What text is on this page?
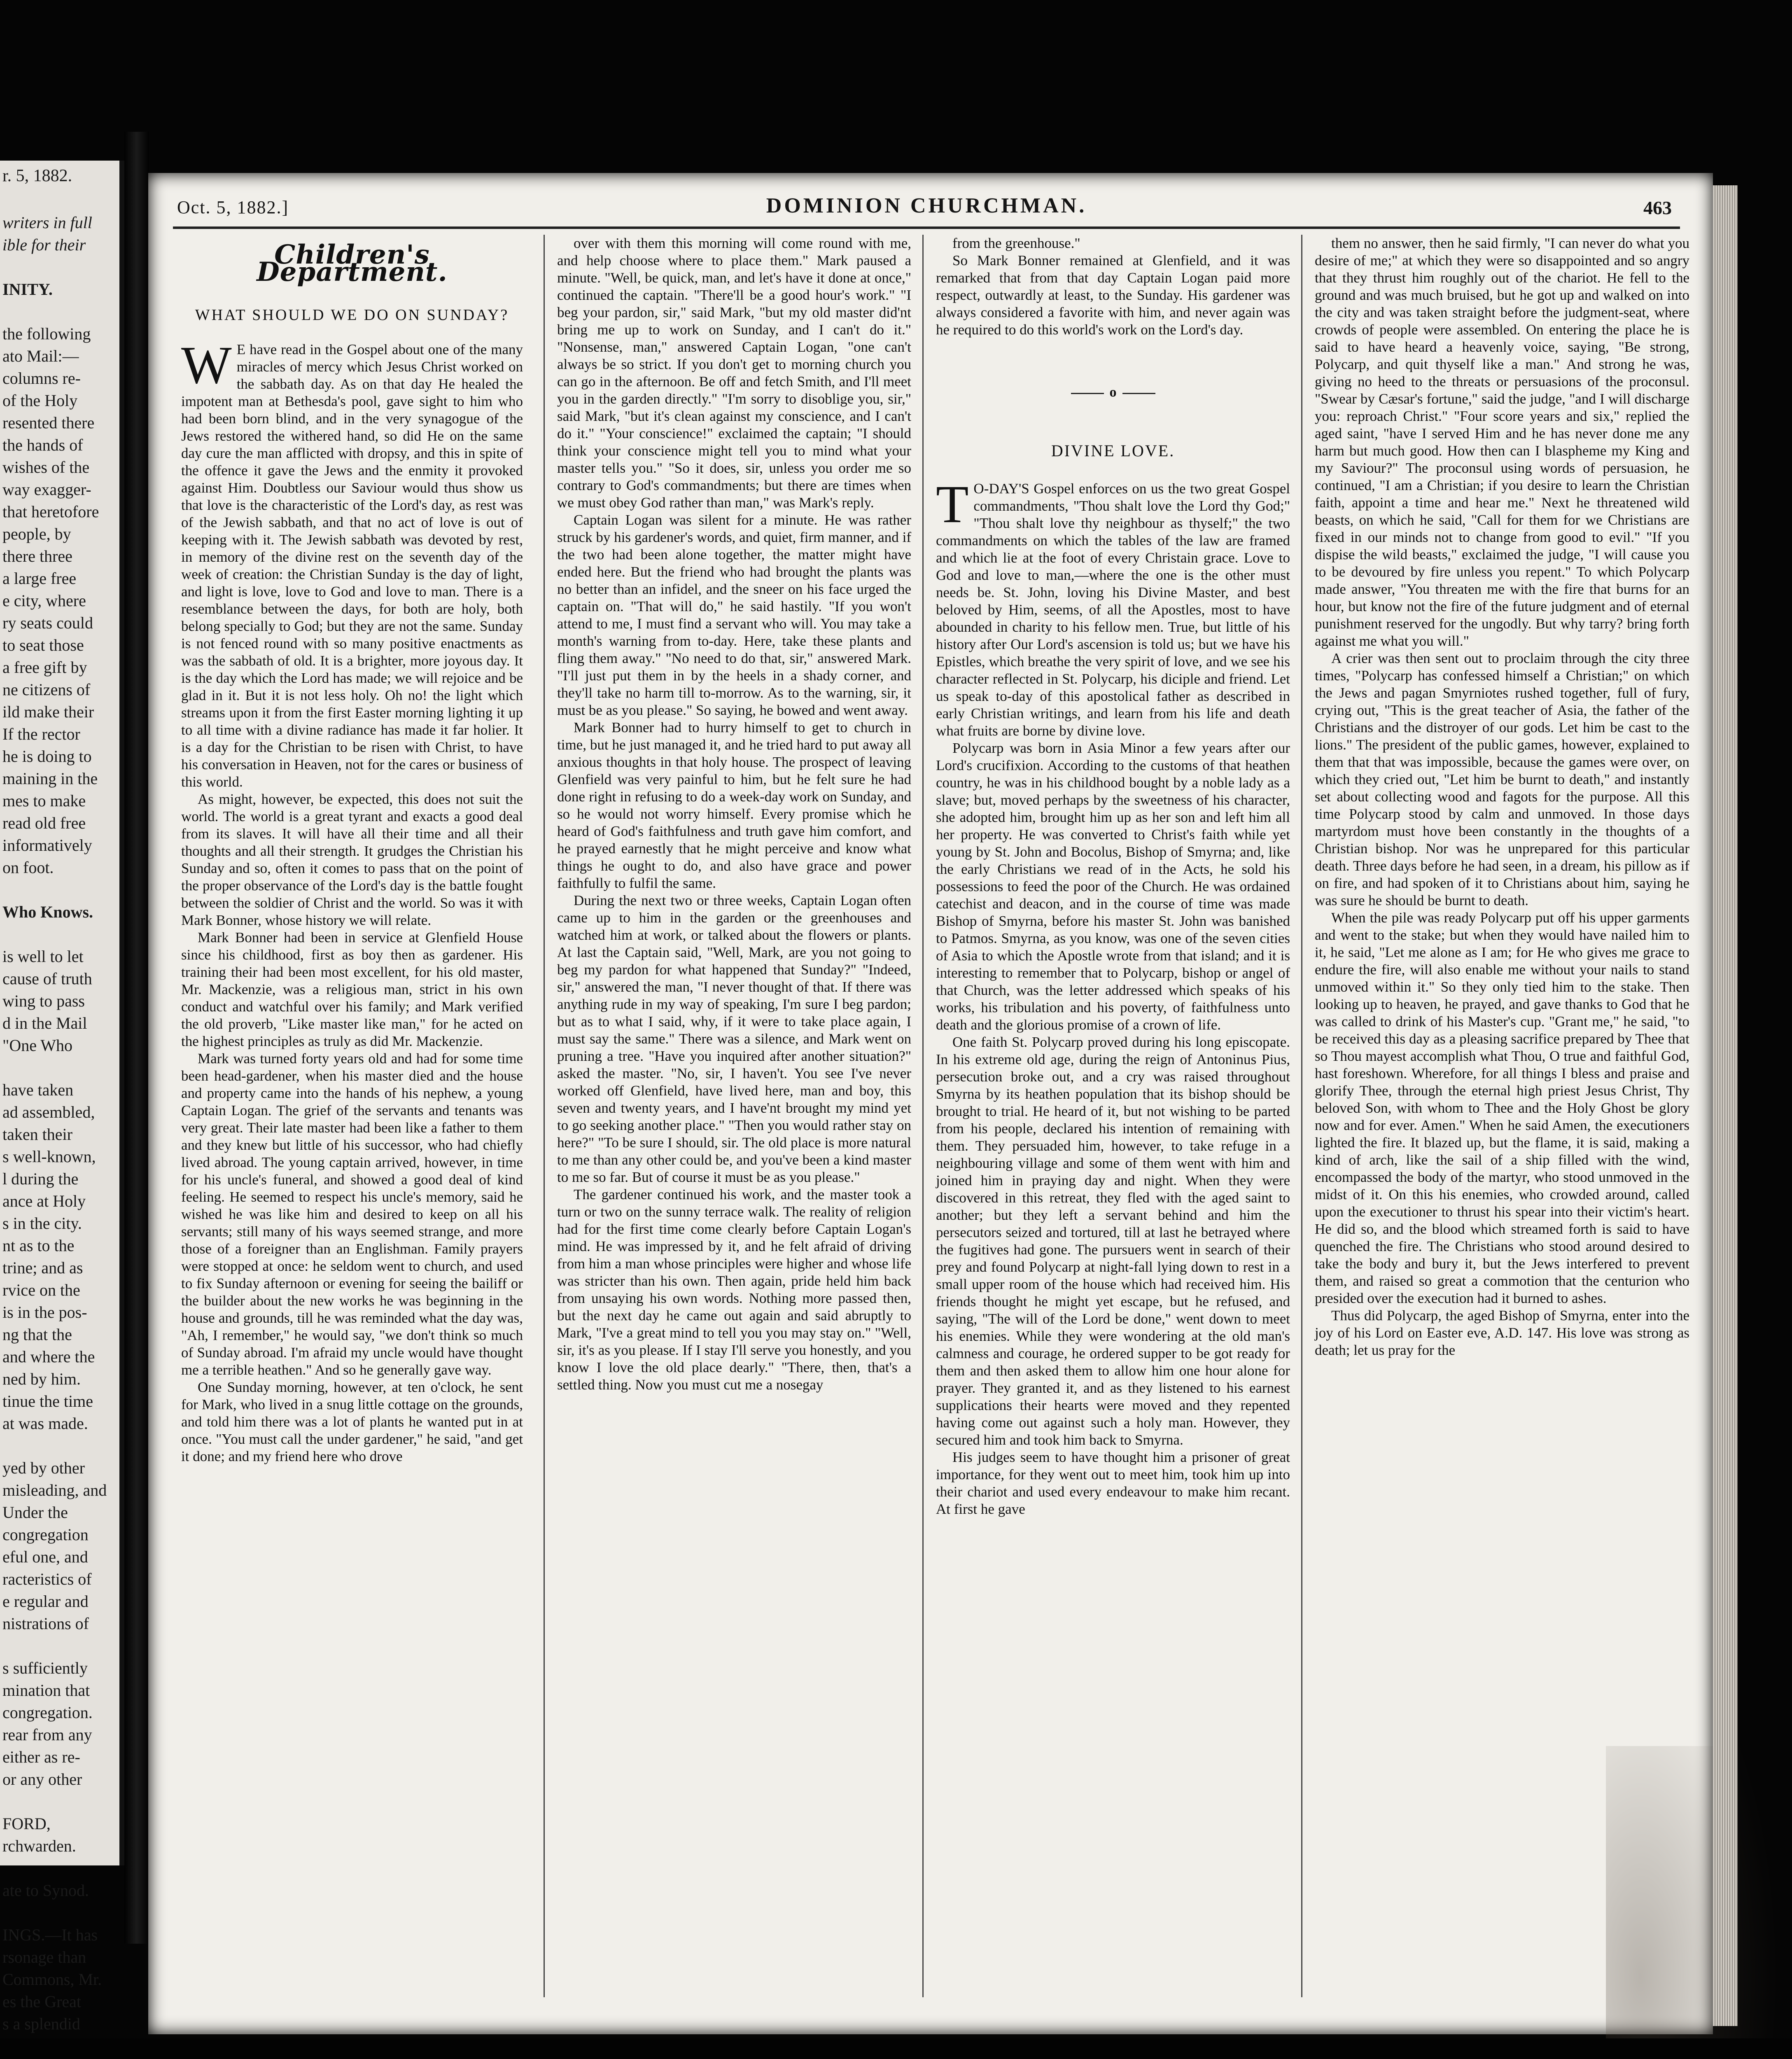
r. 5, 1882.
writers in full
ible for their
INITY.
the following
ato Mail:—
columns re-
of the Holy
resented there
the hands of
wishes of the
way exagger-
that heretofore
people, by
there three
a large free
e city, where
ry seats could
to seat those
a free gift by
ne citizens of
ild make their
If the rector
he is doing to
maining in the
mes to make
read old free
informatively
on foot.
Who Knows.
is well to let
cause of truth
wing to pass
d in the Mail
"One Who
have taken
ad assembled,
taken their
s well-known,
l during the
ance at Holy
s in the city.
nt as to the
trine; and as
rvice on the
is in the pos-
ng that the
and where the
ned by him.
tinue the time
at was made.
yed by other
misleading, and
Under the
congregation
eful one, and
racteristics of
e regular and
nistrations of
s sufficiently
mination that
congregation.
rear from any
either as re-
or any other
FORD,
rchwarden.
ate to Synod.
INGS.—It has
rsonage than
Commons, Mr.
es the Great
s a splendid
Oct. 5, 1882.]	DOMINION CHURCHMAN.	463
Children's Department.
WHAT SHOULD WE DO ON SUNDAY?

WE have read in the Gospel about one of the many miracles of mercy which Jesus Christ worked on the sabbath day. As on that day He healed the impotent man at Bethesda's pool, gave sight to him who had been born blind, and in the very synagogue of the Jews restored the withered hand, so did He on the same day cure the man afflicted with dropsy, and this in spite of the offence it gave the Jews and the enmity it provoked against Him. Doubtless our Saviour would thus show us that love is the characteristic of the Lord's day, as rest was of the Jewish sabbath, and that no act of love is out of keeping with it. The Jewish sabbath was devoted by rest, in memory of the divine rest on the seventh day of the week of creation: the Christian Sunday is the day of light, and light is love, love to God and love to man. There is a resemblance between the days, for both are holy, both belong specially to God; but they are not the same. Sunday is not fenced round with so many positive enactments as was the sabbath of old. It is a brighter, more joyous day. It is the day which the Lord has made; we will rejoice and be glad in it. But it is not less holy. Oh no! the light which streams upon it from the first Easter morning lighting it up to all time with a divine radiance has made it far holier. It is a day for the Christian to be risen with Christ, to have his conversation in Heaven, not for the cares or business of this world.

As might, however, be expected, this does not suit the world. The world is a great tyrant and exacts a good deal from its slaves. It will have all their time and all their thoughts and all their strength. It grudges the Christian his Sunday and so, often it comes to pass that on the point of the proper observance of the Lord's day is the battle fought between the soldier of Christ and the world. So was it with Mark Bonner, whose history we will relate.

Mark Bonner had been in service at Glenfield House since his childhood, first as boy then as gardener. His training their had been most excellent, for his old master, Mr. Mackenzie, was a religious man, strict in his own conduct and watchful over his family; and Mark verified the old proverb, "Like master like man," for he acted on the highest principles as truly as did Mr. Mackenzie.

Mark was turned forty years old and had for some time been head-gardener, when his master died and the house and property came into the hands of his nephew, a young Captain Logan. The grief of the servants and tenants was very great. Their late master had been like a father to them and they knew but little of his successor, who had chiefly lived abroad. The young captain arrived, however, in time for his uncle's funeral, and showed a good deal of kind feeling. He seemed to respect his uncle's memory, said he wished he was like him and desired to keep on all his servants; still many of his ways seemed strange, and more those of a foreigner than an Englishman. Family prayers were stopped at once: he seldom went to church, and used to fix Sunday afternoon or evening for seeing the bailiff or the builder about the new works he was beginning in the house and grounds, till he was reminded what the day was, "Ah, I remember," he would say, "we don't think so much of Sunday abroad. I'm afraid my uncle would have thought me a terrible heathen." And so he generally gave way.

One Sunday morning, however, at ten o'clock, he sent for Mark, who lived in a snug little cottage on the grounds, and told him there was a lot of plants he wanted put in at once. "You must call the under gardener," he said, "and get it done; and my friend here who drove

over with them this morning will come round with me, and help choose where to place them." Mark paused a minute. "Well, be quick, man, and let's have it done at once," continued the captain. "There'll be a good hour's work." "I beg your pardon, sir," said Mark, "but my old master did'nt bring me up to work on Sunday, and I can't do it." "Nonsense, man," answered Captain Logan, "one can't always be so strict. If you don't get to morning church you can go in the afternoon. Be off and fetch Smith, and I'll meet you in the garden directly." "I'm sorry to disoblige you, sir," said Mark, "but it's clean against my conscience, and I can't do it." "Your conscience!" exclaimed the captain; "I should think your conscience might tell you to mind what your master tells you." "So it does, sir, unless you order me so contrary to God's commandments; but there are times when we must obey God rather than man," was Mark's reply.

Captain Logan was silent for a minute. He was rather struck by his gardener's words, and quiet, firm manner, and if the two had been alone together, the matter might have ended here. But the friend who had brought the plants was no better than an infidel, and the sneer on his face urged the captain on. "That will do," he said hastily. "If you won't attend to me, I must find a servant who will. You may take a month's warning from to-day. Here, take these plants and fling them away." "No need to do that, sir," answered Mark. "I'll just put them in by the heels in a shady corner, and they'll take no harm till to-morrow. As to the warning, sir, it must be as you please." So saying, he bowed and went away.

Mark Bonner had to hurry himself to get to church in time, but he just managed it, and he tried hard to put away all anxious thoughts in that holy house. The prospect of leaving Glenfield was very painful to him, but he felt sure he had done right in refusing to do a week-day work on Sunday, and so he would not worry himself. Every promise which he heard of God's faithfulness and truth gave him comfort, and he prayed earnestly that he might perceive and know what things he ought to do, and also have grace and power faithfully to fulfil the same.

During the next two or three weeks, Captain Logan often came up to him in the garden or the greenhouses and watched him at work, or talked about the flowers or plants. At last the Captain said, "Well, Mark, are you not going to beg my pardon for what happened that Sunday?" "Indeed, sir," answered the man, "I never thought of that. If there was anything rude in my way of speaking, I'm sure I beg pardon; but as to what I said, why, if it were to take place again, I must say the same." There was a silence, and Mark went on pruning a tree. "Have you inquired after another situation?" asked the master. "No, sir, I haven't. You see I've never worked off Glenfield, have lived here, man and boy, this seven and twenty years, and I have'nt brought my mind yet to go seeking another place." "Then you would rather stay on here?" "To be sure I should, sir. The old place is more natural to me than any other could be, and you've been a kind master to me so far. But of course it must be as you please."

The gardener continued his work, and the master took a turn or two on the sunny terrace walk. The reality of religion had for the first time come clearly before Captain Logan's mind. He was impressed by it, and he felt afraid of driving from him a man whose principles were higher and whose life was stricter than his own. Then again, pride held him back from unsaying his own words. Nothing more passed then, but the next day he came out again and said abruptly to Mark, "I've a great mind to tell you you may stay on." "Well, sir, it's as you please. If I stay I'll serve you honestly, and you know I love the old place dearly." "There, then, that's a settled thing. Now you must cut me a nosegay

from the greenhouse."

So Mark Bonner remained at Glenfield, and it was remarked that from that day Captain Logan paid more respect, outwardly at least, to the Sunday. His gardener was always considered a favorite with him, and never again was he required to do this world's work on the Lord's day.

o
DIVINE LOVE.

TO-DAY'S Gospel enforces on us the two great Gospel commandments, "Thou shalt love the Lord thy God;" "Thou shalt love thy neighbour as thyself;" the two commandments on which the tables of the law are framed and which lie at the foot of every Christain grace. Love to God and love to man,—where the one is the other must needs be. St. John, loving his Divine Master, and best beloved by Him, seems, of all the Apostles, most to have abounded in charity to his fellow men. True, but little of his history after Our Lord's ascension is told us; but we have his Epistles, which breathe the very spirit of love, and we see his character reflected in St. Polycarp, his diciple and friend. Let us speak to-day of this apostolical father as described in early Christian writings, and learn from his life and death what fruits are borne by divine love.

Polycarp was born in Asia Minor a few years after our Lord's crucifixion. According to the customs of that heathen country, he was in his childhood bought by a noble lady as a slave; but, moved perhaps by the sweetness of his character, she adopted him, brought him up as her son and left him all her property. He was converted to Christ's faith while yet young by St. John and Bocolus, Bishop of Smyrna; and, like the early Christians we read of in the Acts, he sold his possessions to feed the poor of the Church. He was ordained catechist and deacon, and in the course of time was made Bishop of Smyrna, before his master St. John was banished to Patmos. Smyrna, as you know, was one of the seven cities of Asia to which the Apostle wrote from that island; and it is interesting to remember that to Polycarp, bishop or angel of that Church, was the letter addressed which speaks of his works, his tribulation and his poverty, of faithfulness unto death and the glorious promise of a crown of life.

One faith St. Polycarp proved during his long episcopate. In his extreme old age, during the reign of Antoninus Pius, persecution broke out, and a cry was raised throughout Smyrna by its heathen population that its bishop should be brought to trial. He heard of it, but not wishing to be parted from his people, declared his intention of remaining with them. They persuaded him, however, to take refuge in a neighbouring village and some of them went with him and joined him in praying day and night. When they were discovered in this retreat, they fled with the aged saint to another; but they left a servant behind and him the persecutors seized and tortured, till at last he betrayed where the fugitives had gone. The pursuers went in search of their prey and found Polycarp at night-fall lying down to rest in a small upper room of the house which had received him. His friends thought he might yet escape, but he refused, and saying, "The will of the Lord be done," went down to meet his enemies. While they were wondering at the old man's calmness and courage, he ordered supper to be got ready for them and then asked them to allow him one hour alone for prayer. They granted it, and as they listened to his earnest supplications their hearts were moved and they repented having come out against such a holy man. However, they secured him and took him back to Smyrna.

His judges seem to have thought him a prisoner of great importance, for they went out to meet him, took him up into their chariot and used every endeavour to make him recant. At first he gave

them no answer, then he said firmly, "I can never do what you desire of me;" at which they were so disappointed and so angry that they thrust him roughly out of the chariot. He fell to the ground and was much bruised, but he got up and walked on into the city and was taken straight before the judgment-seat, where crowds of people were assembled. On entering the place he is said to have heard a heavenly voice, saying, "Be strong, Polycarp, and quit thyself like a man." And strong he was, giving no heed to the threats or persuasions of the proconsul. "Swear by Cæsar's fortune," said the judge, "and I will discharge you: reproach Christ." "Four score years and six," replied the aged saint, "have I served Him and he has never done me any harm but much good. How then can I blaspheme my King and my Saviour?" The proconsul using words of persuasion, he continued, "I am a Christian; if you desire to learn the Christian faith, appoint a time and hear me." Next he threatened wild beasts, on which he said, "Call for them for we Christians are fixed in our minds not to change from good to evil." "If you dispise the wild beasts," exclaimed the judge, "I will cause you to be devoured by fire unless you repent." To which Polycarp made answer, "You threaten me with the fire that burns for an hour, but know not the fire of the future judgment and of eternal punishment reserved for the ungodly. But why tarry? bring forth against me what you will."

A crier was then sent out to proclaim through the city three times, "Polycarp has confessed himself a Christian;" on which the Jews and pagan Smyrniotes rushed together, full of fury, crying out, "This is the great teacher of Asia, the father of the Christians and the distroyer of our gods. Let him be cast to the lions." The president of the public games, however, explained to them that that was impossible, because the games were over, on which they cried out, "Let him be burnt to death," and instantly set about collecting wood and fagots for the purpose. All this time Polycarp stood by calm and unmoved. In those days martyrdom must hove been constantly in the thoughts of a Christian bishop. Nor was he unprepared for this particular death. Three days before he had seen, in a dream, his pillow as if on fire, and had spoken of it to Christians about him, saying he was sure he should be burnt to death.

When the pile was ready Polycarp put off his upper garments and went to the stake; but when they would have nailed him to it, he said, "Let me alone as I am; for He who gives me grace to endure the fire, will also enable me without your nails to stand unmoved within it." So they only tied him to the stake. Then looking up to heaven, he prayed, and gave thanks to God that he was called to drink of his Master's cup. "Grant me," he said, "to be received this day as a pleasing sacrifice prepared by Thee that so Thou mayest accomplish what Thou, O true and faithful God, hast foreshown. Wherefore, for all things I bless and praise and glorify Thee, through the eternal high priest Jesus Christ, Thy beloved Son, with whom to Thee and the Holy Ghost be glory now and for ever. Amen." When he said Amen, the executioners lighted the fire. It blazed up, but the flame, it is said, making a kind of arch, like the sail of a ship filled with the wind, encompassed the body of the martyr, who stood unmoved in the midst of it. On this his enemies, who crowded around, called upon the executioner to thrust his spear into their victim's heart. He did so, and the blood which streamed forth is said to have quenched the fire. The Christians who stood around desired to take the body and bury it, but the Jews interfered to prevent them, and raised so great a commotion that the centurion who presided over the execution had it burned to ashes.

Thus did Polycarp, the aged Bishop of Smyrna, enter into the joy of his Lord on Easter eve, A.D. 147. His love was strong as death; let us pray for the
